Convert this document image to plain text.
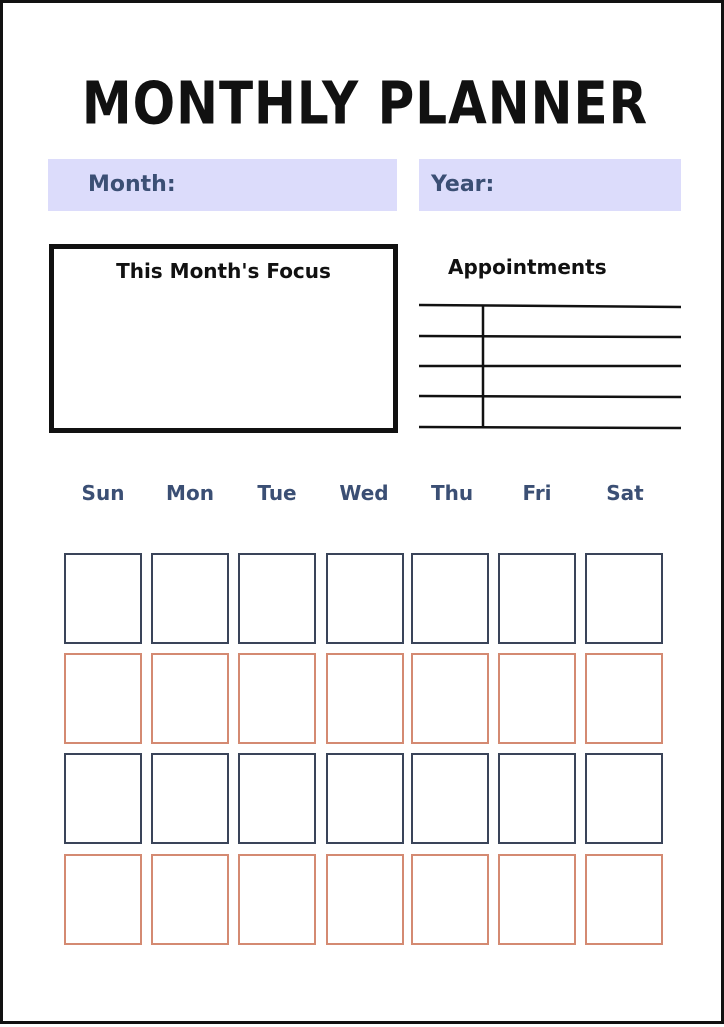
MONTHLY PLANNER
Month:	Year:
This Month's Focus	Appointments
Sun	Mon	Tue	Wed	Thu	Fri	Sat
